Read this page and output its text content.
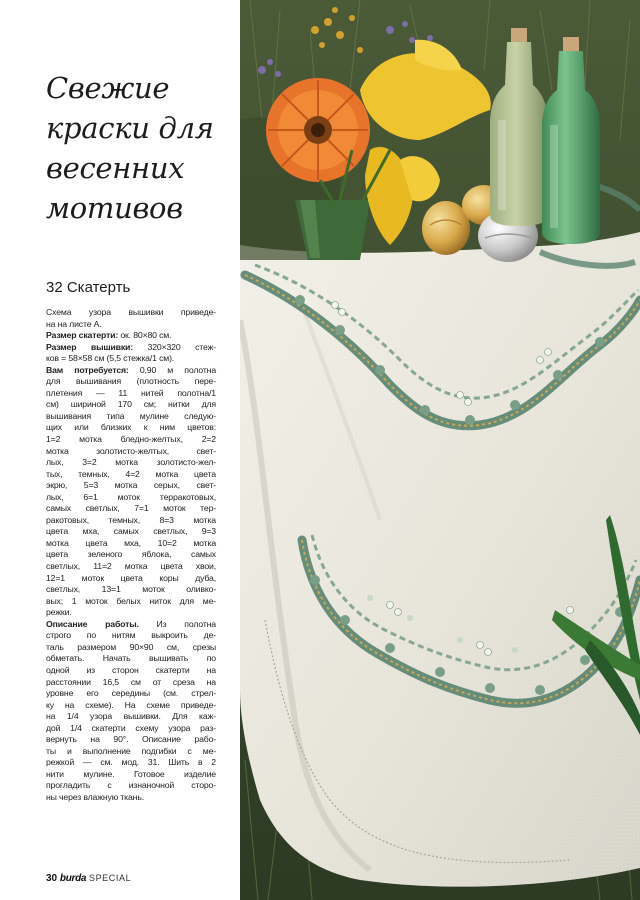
Свежие
краски для
весенних
мотивов
32 Скатерть
Схема узора вышивки приведе-
на на листе А.
Размер скатерти: ок. 80×80 см.
Размер вышивки: 320×320 стеж-
ков = 58×58 см (5,5 стежка/1 см).
Вам потребуется: 0,90 м полотна
для вышивания (плотность пере-
плетения — 11 нитей полотна/1
см) шириной 170 см; нитки для
вышивания типа мулине следую-
щих или близких к ним цветов:
1=2 мотка бледно-желтых, 2=2
мотка золотисто-желтых, свет-
лых, 3=2 мотка золотисто-жел-
тых, темных, 4=2 мотка цвета
экрю, 5=3 мотка серых, свет-
лых, 6=1 моток терракотовых,
самых светлых, 7=1 моток тер-
ракотовых, темных, 8=3 мотка
цвета мха, самых светлых, 9=3
мотка цвета мха, 10=2 мотка
цвета зеленого яблока, самых
светлых, 11=2 мотка цвета хвои,
12=1 моток цвета коры дуба,
светлых, 13=1 моток оливко-
вых; 1 моток белых ниток для ме-
режки.
Описание работы. Из полотна
строго по нитям выкроить де-
таль размером 90×90 см, срезы
обметать. Начать вышивать по
одной из сторон скатерти на
расстоянии 16,5 см от среза на
уровне его середины (см. стрел-
ку на схеме). На схеме приведе-
на 1/4 узора вышивки. Для каж-
дой 1/4 скатерти схему узора раз-
вернуть на 90°. Описание рабо-
ты и выполнение подгибки с ме-
режкой — см. мод. 31. Шить в 2
нити мулине. Готовое изделие
прогладить с изнаночной сторо-
ны через влажную ткань.
30 burda SPECIAL
